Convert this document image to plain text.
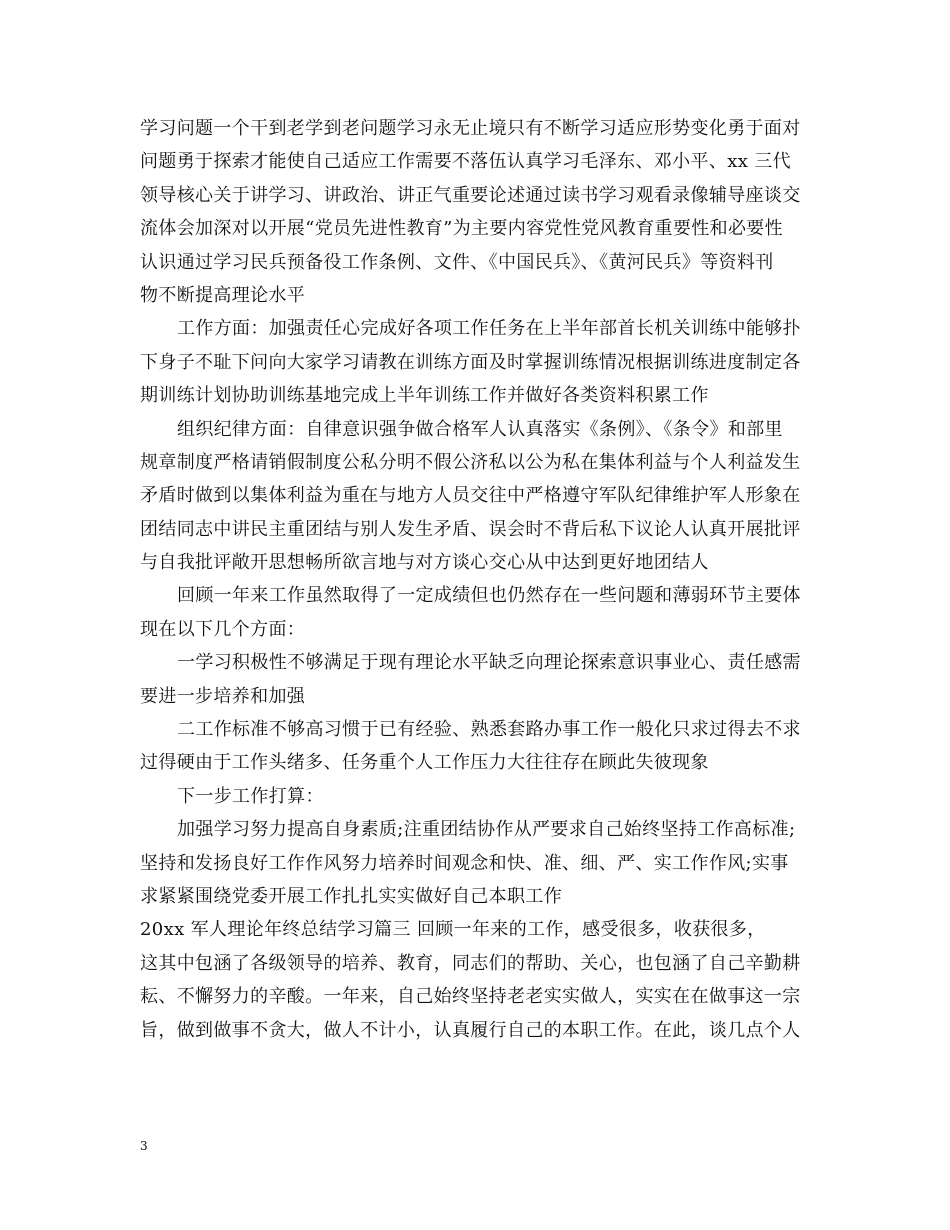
学习问题一个干到老学到老问题学习永无止境只有不断学习适应形势变化勇于面对
问题勇于探索才能使自己适应工作需要不落伍认真学习毛泽东、邓小平、xx 三代
领导核心关于讲学习、讲政治、讲正气重要论述通过读书学习观看录像辅导座谈交
流体会加深对以开展“党员先进性教育”为主要内容党性党风教育重要性和必要性
认识通过学习民兵预备役工作条例、文件、《中国民兵》、《黄河民兵》等资料刊
物不断提高理论水平
工作方面：加强责任心完成好各项工作任务在上半年部首长机关训练中能够扑
下身子不耻下问向大家学习请教在训练方面及时掌握训练情况根据训练进度制定各
期训练计划协助训练基地完成上半年训练工作并做好各类资料积累工作
组织纪律方面：自律意识强争做合格军人认真落实《条例》、《条令》和部里
规章制度严格请销假制度公私分明不假公济私以公为私在集体利益与个人利益发生
矛盾时做到以集体利益为重在与地方人员交往中严格遵守军队纪律维护军人形象在
团结同志中讲民主重团结与别人发生矛盾、误会时不背后私下议论人认真开展批评
与自我批评敞开思想畅所欲言地与对方谈心交心从中达到更好地团结人
回顾一年来工作虽然取得了一定成绩但也仍然存在一些问题和薄弱环节主要体
现在以下几个方面：
一学习积极性不够满足于现有理论水平缺乏向理论探索意识事业心、责任感需
要进一步培养和加强
二工作标准不够高习惯于已有经验、熟悉套路办事工作一般化只求过得去不求
过得硬由于工作头绪多、任务重个人工作压力大往往存在顾此失彼现象
下一步工作打算：
加强学习努力提高自身素质;注重团结协作从严要求自己始终坚持工作高标准;
坚持和发扬良好工作作风努力培养时间观念和快、准、细、严、实工作作风;实事
求紧紧围绕党委开展工作扎扎实实做好自己本职工作
20xx 军人理论年终总结学习篇三 回顾一年来的工作，感受很多，收获很多，
这其中包涵了各级领导的培养、教育，同志们的帮助、关心，也包涵了自己辛勤耕
耘、不懈努力的辛酸。一年来，自己始终坚持老老实实做人，实实在在做事这一宗
旨，做到做事不贪大，做人不计小，认真履行自己的本职工作。在此，谈几点个人
3
